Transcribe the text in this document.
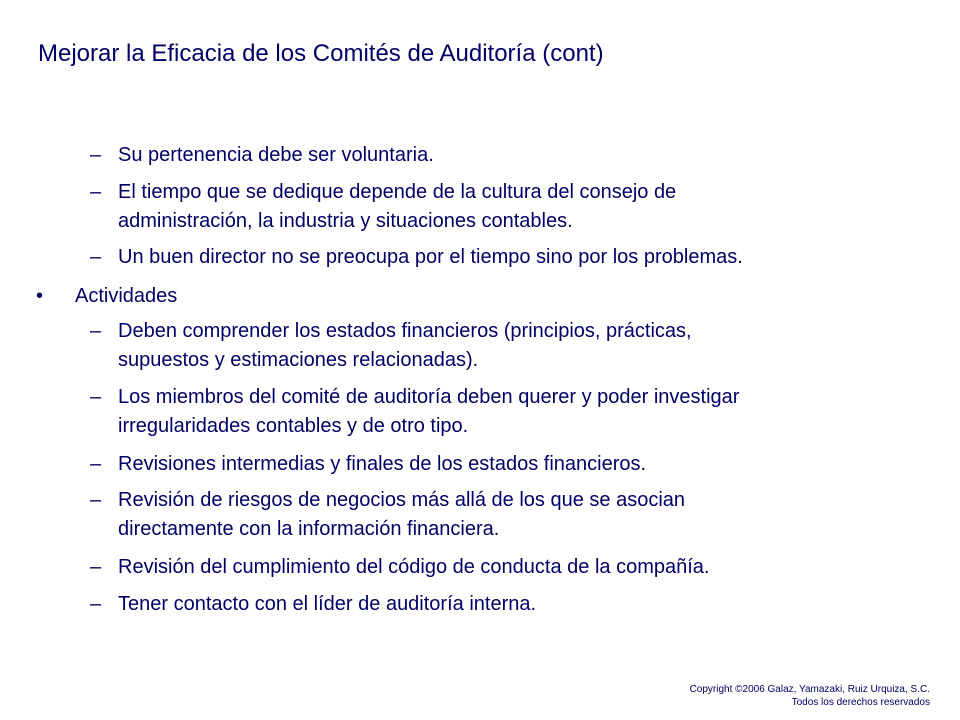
Mejorar la Eficacia de los Comités de Auditoría (cont)
– Su pertenencia debe ser voluntaria.
– El tiempo que se dedique depende de la cultura del consejo de
administración, la industria y situaciones contables.
– Un buen director no se preocupa por el tiempo sino por los problemas.
• Actividades
– Deben comprender los estados financieros (principios, prácticas,
supuestos y estimaciones relacionadas).
– Los miembros del comité de auditoría deben querer y poder investigar
irregularidades contables y de otro tipo.
– Revisiones intermedias y finales de los estados financieros.
– Revisión de riesgos de negocios más allá de los que se asocian
directamente con la información financiera.
– Revisión del cumplimiento del código de conducta de la compañía.
– Tener contacto con el líder de auditoría interna.
Copyright ©2006 Galaz, Yamazaki, Ruiz Urquiza, S.C.
Todos los derechos reservados
